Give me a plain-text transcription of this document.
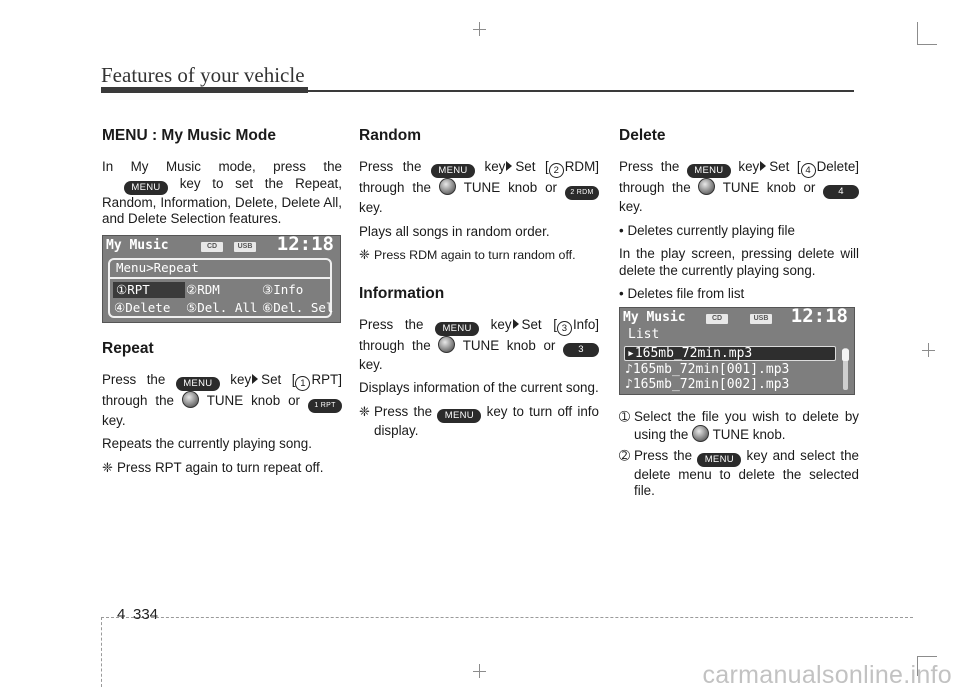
Features of your vehicle
MENU : My Music Mode
In My Music mode, press the MENU key to set the Repeat, Random, Information, Delete, Delete All, and Delete Selection features.
My Music	CD	USB 12:18
Menu>Repeat
①RPT	②RDM	③Info
④Delete ⑤Del. All ⑥Del. Sel
Repeat
Press the MENU key Set [ 1 RPT] through the TUNE knob or 1 RPT key.
Repeats the currently playing song.
❈ Press RPT again to turn repeat off.
Random
Press the MENU key Set [ 2 RDM] through the TUNE knob or 2 RDM key.
Plays all songs in random order.
❈ Press RDM again to turn random off.
Information
Press the MENU key Set [ 3 Info] through the TUNE knob or 3 key.
Displays information of the current song.
❈ Press the MENU key to turn off info display.
Delete
Press the MENU key Set [ 4 Delete] through the TUNE knob or 4 key.
• Deletes currently playing file
In the play screen, pressing delete will delete the currently playing song.
• Deletes file from list
My Music	CD	USB 12:18
List
▸165mb_72min.mp3
♪165mb_72min[001].mp3
♪165mb_72min[002].mp3
➀ Select the file you wish to delete by using the TUNE knob.
➁ Press the MENU key and select the delete menu to delete the selected file.
4 334
carmanualsonline.info
